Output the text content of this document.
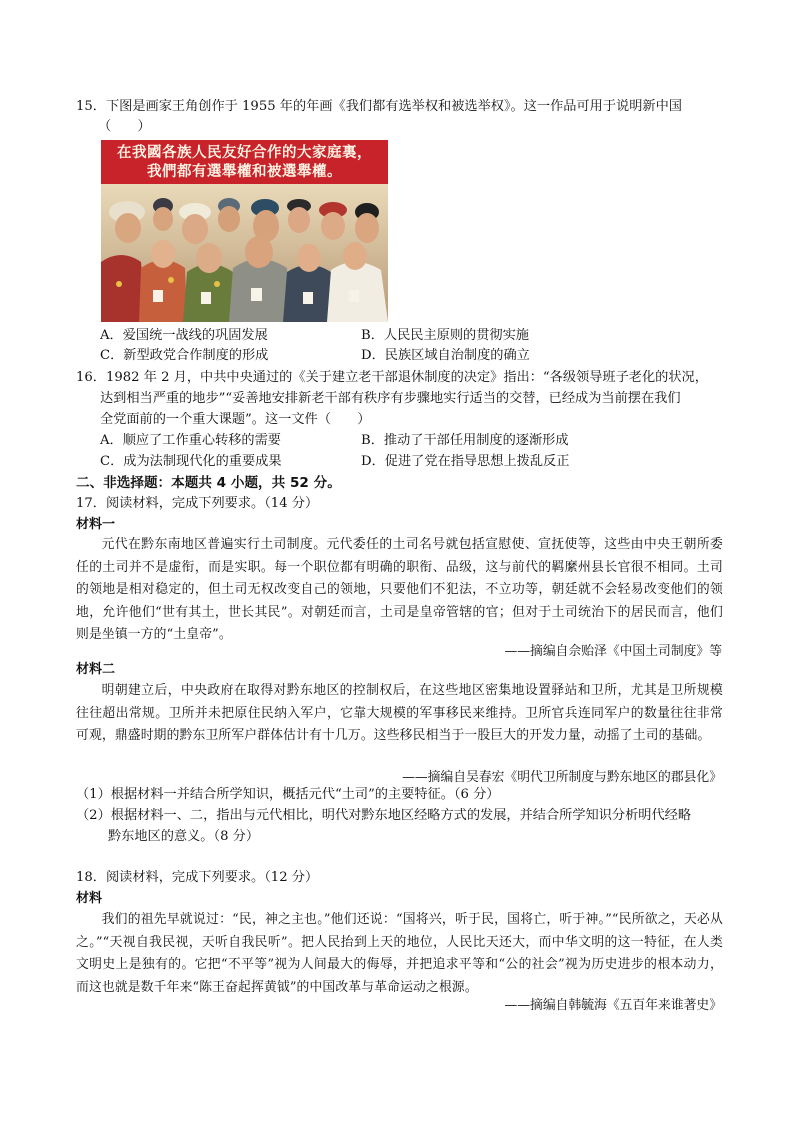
15．下图是画家王角创作于 1955 年的年画《我们都有选举权和被选举权》。这一作品可用于说明新中国
（　　）
在我國各族人民友好合作的大家庭裏，
我們都有選舉權和被選舉權。
A．爱国统一战线的巩固发展	B．人民民主原则的贯彻实施
C．新型政党合作制度的形成	D．民族区域自治制度的确立
16．1982 年 2 月，中共中央通过的《关于建立老干部退休制度的决定》指出：“各级领导班子老化的状况，
达到相当严重的地步”“妥善地安排新老干部有秩序有步骤地实行适当的交替，已经成为当前摆在我们
全党面前的一个重大课题”。这一文件（　　）
A．顺应了工作重心转移的需要	B．推动了干部任用制度的逐渐形成
C．成为法制现代化的重要成果	D．促进了党在指导思想上拨乱反正
二、非选择题：本题共 4 小题，共 52 分。
17．阅读材料，完成下列要求。（14 分）
材料一
元代在黔东南地区普遍实行土司制度。元代委任的土司名号就包括宣慰使、宣抚使等，这些由中央王朝所委任的土司并不是虚衔，而是实职。每一个职位都有明确的职衔、品级，这与前代的羁縻州县长官很不相同。土司的领地是相对稳定的，但土司无权改变自己的领地，只要他们不犯法，不立功等，朝廷就不会轻易改变他们的领地，允许他们“世有其土，世长其民”。对朝廷而言，土司是皇帝管辖的官；但对于土司统治下的居民而言，他们则是坐镇一方的“土皇帝”。
——摘编自佘贻泽《中国土司制度》等
材料二
明朝建立后，中央政府在取得对黔东地区的控制权后，在这些地区密集地设置驿站和卫所，尤其是卫所规模往往超出常规。卫所并未把原住民纳入军户，它靠大规模的军事移民来维持。卫所官兵连同军户的数量往往非常可观，鼎盛时期的黔东卫所军户群体估计有十几万。这些移民相当于一股巨大的开发力量，动摇了土司的基础。
——摘编自吴春宏《明代卫所制度与黔东地区的郡县化》
（1）根据材料一并结合所学知识，概括元代“土司”的主要特征。（6 分）
（2）根据材料一、二，指出与元代相比，明代对黔东地区经略方式的发展，并结合所学知识分析明代经略
黔东地区的意义。（8 分）
18．阅读材料，完成下列要求。（12 分）
材料
我们的祖先早就说过：“民，神之主也。”他们还说：“国将兴，听于民，国将亡，听于神。”“民所欲之，天必从之。”“天视自我民视，天听自我民听”。把人民抬到上天的地位，人民比天还大，而中华文明的这一特征，在人类文明史上是独有的。它把“不平等”视为人间最大的侮辱，并把追求平等和“公的社会”视为历史进步的根本动力，而这也就是数千年来“陈王奋起挥黄钺”的中国改革与革命运动之根源。
——摘编自韩毓海《五百年来谁著史》
